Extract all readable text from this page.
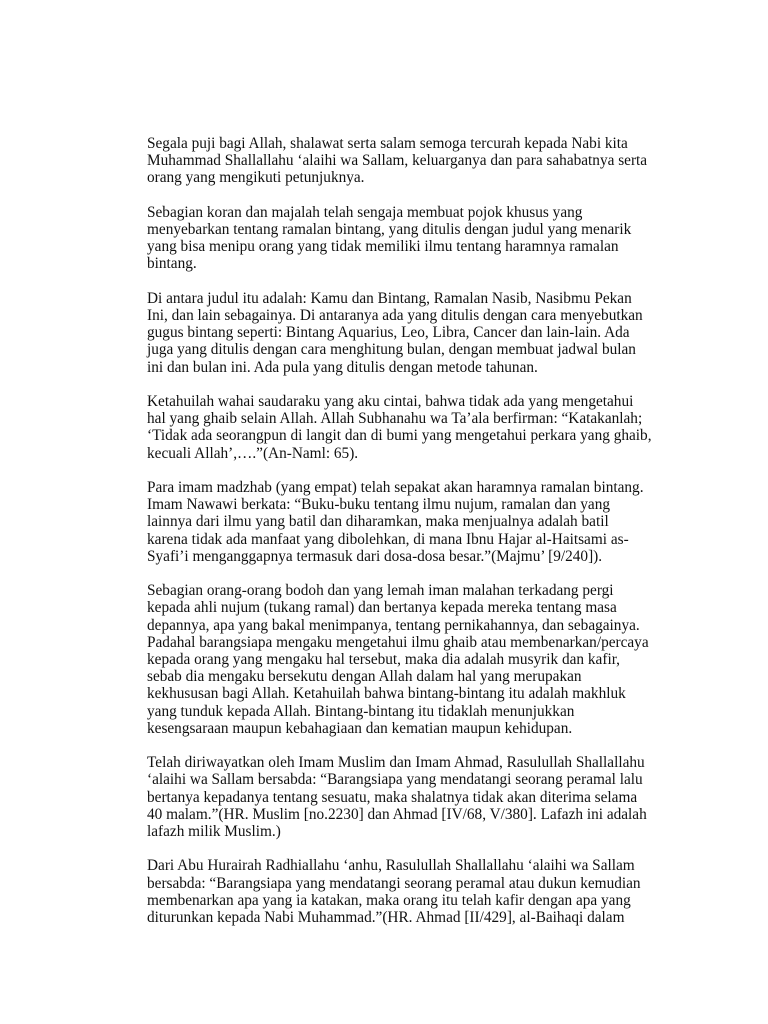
Segala puji bagi Allah, shalawat serta salam semoga tercurah kepada Nabi kita
Muhammad Shallallahu ‘alaihi wa Sallam, keluarganya dan para sahabatnya serta
orang yang mengikuti petunjuknya.

Sebagian koran dan majalah telah sengaja membuat pojok khusus yang
menyebarkan tentang ramalan bintang, yang ditulis dengan judul yang menarik
yang bisa menipu orang yang tidak memiliki ilmu tentang haramnya ramalan
bintang.

Di antara judul itu adalah: Kamu dan Bintang, Ramalan Nasib, Nasibmu Pekan
Ini, dan lain sebagainya. Di antaranya ada yang ditulis dengan cara menyebutkan
gugus bintang seperti: Bintang Aquarius, Leo, Libra, Cancer dan lain-lain. Ada
juga yang ditulis dengan cara menghitung bulan, dengan membuat jadwal bulan
ini dan bulan ini. Ada pula yang ditulis dengan metode tahunan.

Ketahuilah wahai saudaraku yang aku cintai, bahwa tidak ada yang mengetahui
hal yang ghaib selain Allah. Allah Subhanahu wa Ta’ala berfirman: “Katakanlah;
‘Tidak ada seorangpun di langit dan di bumi yang mengetahui perkara yang ghaib,
kecuali Allah’,….”(An-Naml: 65).

Para imam madzhab (yang empat) telah sepakat akan haramnya ramalan bintang.
Imam Nawawi berkata: “Buku-buku tentang ilmu nujum, ramalan dan yang
lainnya dari ilmu yang batil dan diharamkan, maka menjualnya adalah batil
karena tidak ada manfaat yang dibolehkan, di mana Ibnu Hajar al-Haitsami as-
Syafi’i menganggapnya termasuk dari dosa-dosa besar.”(Majmu’ [9/240]).

Sebagian orang-orang bodoh dan yang lemah iman malahan terkadang pergi
kepada ahli nujum (tukang ramal) dan bertanya kepada mereka tentang masa
depannya, apa yang bakal menimpanya, tentang pernikahannya, dan sebagainya.
Padahal barangsiapa mengaku mengetahui ilmu ghaib atau membenarkan/percaya
kepada orang yang mengaku hal tersebut, maka dia adalah musyrik dan kafir,
sebab dia mengaku bersekutu dengan Allah dalam hal yang merupakan
kekhususan bagi Allah. Ketahuilah bahwa bintang-bintang itu adalah makhluk
yang tunduk kepada Allah. Bintang-bintang itu tidaklah menunjukkan
kesengsaraan maupun kebahagiaan dan kematian maupun kehidupan.

Telah diriwayatkan oleh Imam Muslim dan Imam Ahmad, Rasulullah Shallallahu
‘alaihi wa Sallam bersabda: “Barangsiapa yang mendatangi seorang peramal lalu
bertanya kepadanya tentang sesuatu, maka shalatnya tidak akan diterima selama
40 malam.”(HR. Muslim [no.2230] dan Ahmad [IV/68, V/380]. Lafazh ini adalah
lafazh milik Muslim.)

Dari Abu Hurairah Radhiallahu ‘anhu, Rasulullah Shallallahu ‘alaihi wa Sallam
bersabda: “Barangsiapa yang mendatangi seorang peramal atau dukun kemudian
membenarkan apa yang ia katakan, maka orang itu telah kafir dengan apa yang
diturunkan kepada Nabi Muhammad.”(HR. Ahmad [II/429], al-Baihaqi dalam
